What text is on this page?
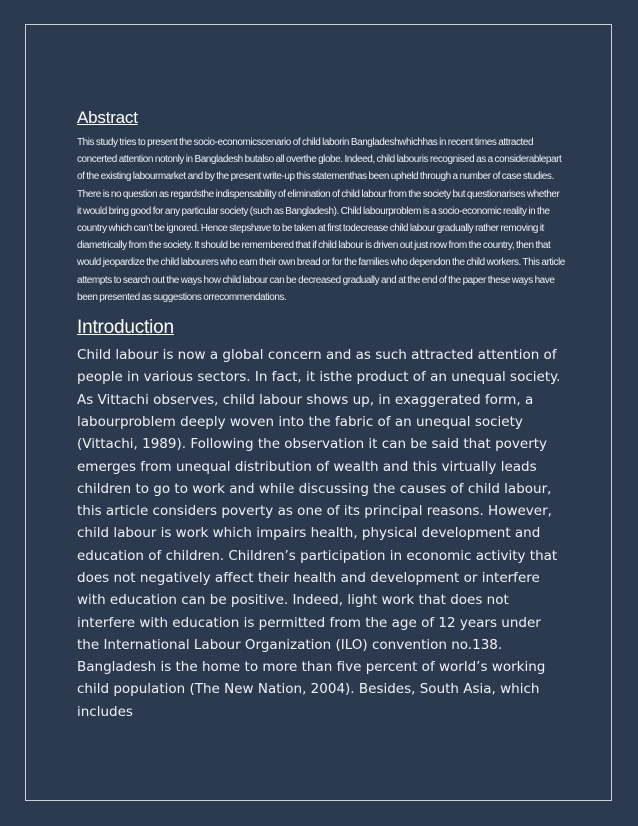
Abstract

This study tries to present the socio-economicscenario of child laborin Bangladeshwhichhas in recent times attracted concerted attention notonly in Bangladesh butalso all overthe globe. Indeed, child labouris recognised as a considerablepart of the existing labourmarket and by the present write-up this statementhas been upheld through a number of case studies. There is no question as regardsthe indispensability of elimination of child labour from the society but questionarises whether it would bring good for any particular society (such as Bangladesh). Child labourproblem is a socio-economic reality in the country which can’t be ignored. Hence stepshave to be taken at first todecrease child labour gradually rather removing it diametrically from the society. It should be remembered that if child labour is driven out just now from the country, then that would jeopardize the child labourers who earn their own bread or for the families who dependon the child workers. This article attempts to search out the ways how child labour can be decreased gradually and at the end of the paper these ways have been presented as suggestions orrecommendations.

Introduction

Child labour is now a global concern and as such attracted attention of people in various sectors. In fact, it isthe product of an unequal society. As Vittachi observes, child labour shows up, in exaggerated form, a labourproblem deeply woven into the fabric of an unequal society (Vittachi, 1989). Following the observation it can be said that poverty emerges from unequal distribution of wealth and this virtually leads children to go to work and while discussing the causes of child labour, this article considers poverty as one of its principal reasons. However, child labour is work which impairs health, physical development and education of children. Children’s participation in economic activity that does not negatively affect their health and development or interfere with education can be positive. Indeed, light work that does not interfere with education is permitted from the age of 12 years under the International Labour Organization (ILO) convention no.138. Bangladesh is the home to more than five percent of world’s working child population (The New Nation, 2004). Besides, South Asia, which includes
